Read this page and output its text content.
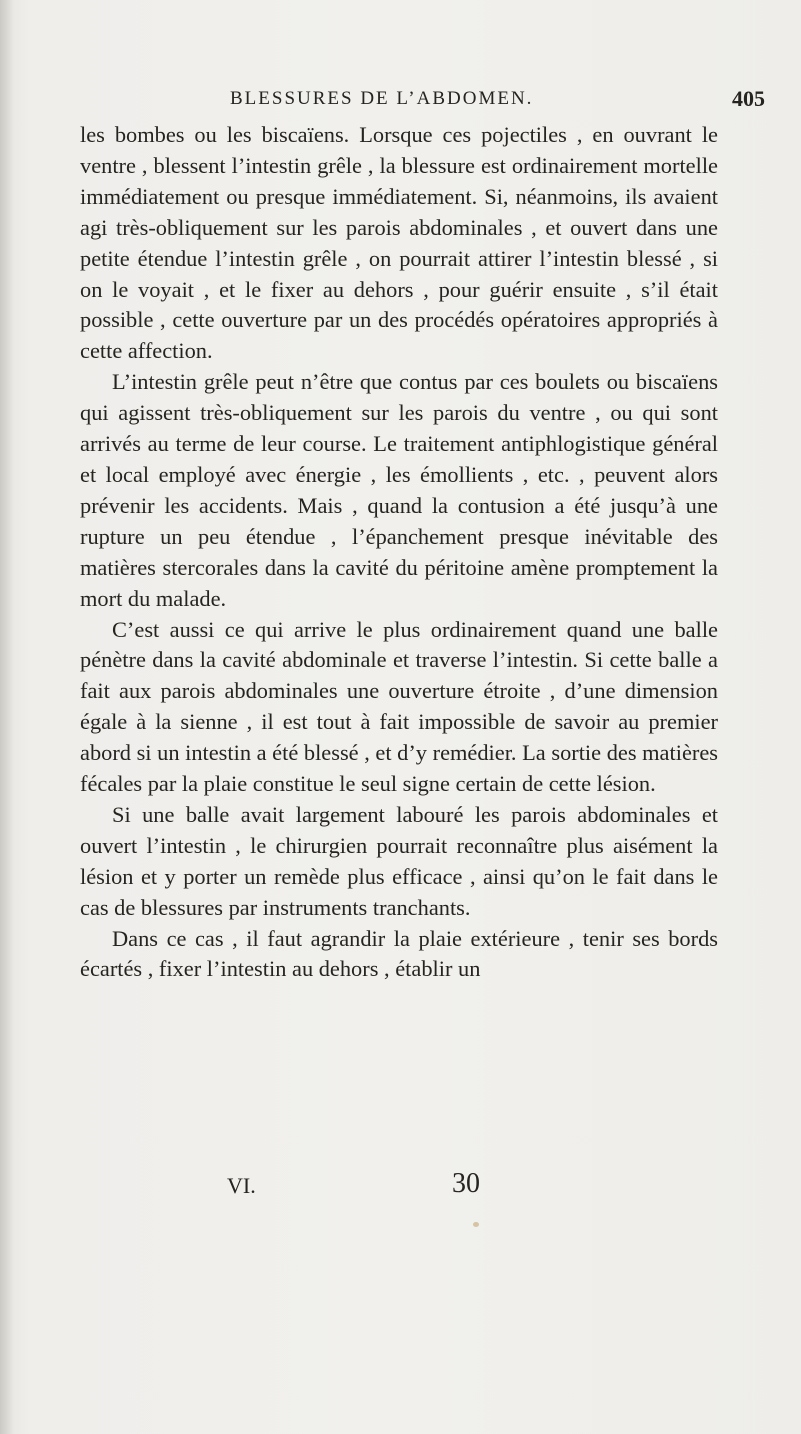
BLESSURES DE L’ABDOMEN.	405

les bombes ou les biscaïens. Lorsque ces pojectiles , en ouvrant le ventre , blessent l’intestin grêle , la blessure est ordinairement mortelle immédiatement ou presque immédiatement. Si, néanmoins, ils avaient agi très-obliquement sur les parois abdominales , et ouvert dans une petite étendue l’intestin grêle , on pourrait attirer l’intestin blessé , si on le voyait , et le fixer au dehors , pour guérir ensuite , s’il était possible , cette ouverture par un des procédés opératoires appropriés à cette affection.

L’intestin grêle peut n’être que contus par ces boulets ou biscaïens qui agissent très-obliquement sur les parois du ventre , ou qui sont arrivés au terme de leur course. Le traitement antiphlogistique général et local employé avec énergie , les émollients , etc. , peuvent alors prévenir les accidents. Mais , quand la contusion a été jusqu’à une rupture un peu étendue , l’épanchement presque inévitable des matières stercorales dans la cavité du péritoine amène promptement la mort du malade.

C’est aussi ce qui arrive le plus ordinairement quand une balle pénètre dans la cavité abdominale et traverse l’intestin. Si cette balle a fait aux parois abdominales une ouverture étroite , d’une dimension égale à la sienne , il est tout à fait impossible de savoir au premier abord si un intestin a été blessé , et d’y remédier. La sortie des matières fécales par la plaie constitue le seul signe certain de cette lésion.

Si une balle avait largement labouré les parois abdominales et ouvert l’intestin , le chirurgien pourrait reconnaître plus aisément la lésion et y porter un remède plus efficace , ainsi qu’on le fait dans le cas de blessures par instruments tranchants.

Dans ce cas , il faut agrandir la plaie extérieure , tenir ses bords écartés , fixer l’intestin au dehors , établir un

VI.	30
